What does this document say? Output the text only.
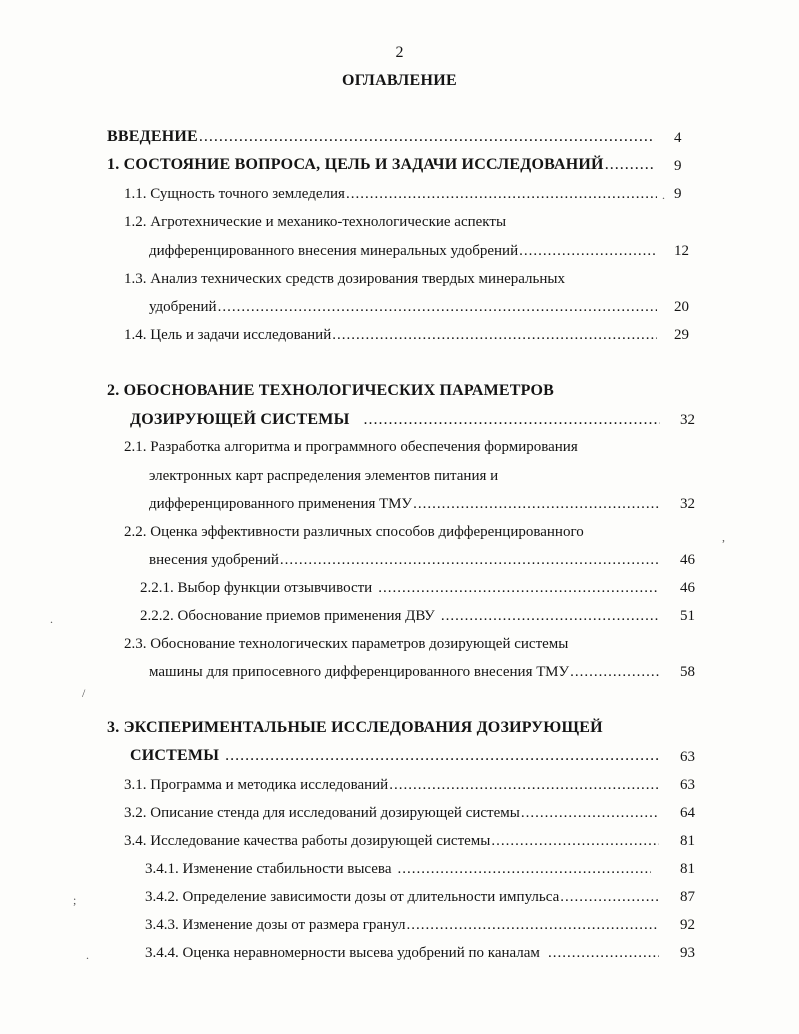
2
ОГЛАВЛЕНИЕ
ВВЕДЕНИЕ .....	4
1. СОСТОЯНИЕ ВОПРОСА, ЦЕЛЬ И ЗАДАЧИ ИССЛЕДОВАНИЙ .....	9
1.1. Сущность точного земледелия .....	9
1.2. Агротехнические и механико-технологические аспекты
дифференцированного внесения минеральных удобрений .....	12
1.3. Анализ технических средств дозирования твердых минеральных
удобрений .....	20
1.4. Цель и задачи исследований .....	29
2. ОБОСНОВАНИЕ ТЕХНОЛОГИЧЕСКИХ ПАРАМЕТРОВ
ДОЗИРУЮЩЕЙ СИСТЕМЫ .....	32
2.1. Разработка алгоритма и программного обеспечения формирования
электронных карт распределения элементов питания и
дифференцированного применения ТМУ .....	32
2.2. Оценка эффективности различных способов дифференцированного
внесения удобрений .....	46
2.2.1. Выбор функции отзывчивости .....	46
2.2.2. Обоснование приемов применения ДВУ .....	51
2.3. Обоснование технологических параметров дозирующей системы
машины для припосевного дифференцированного внесения ТМУ .....	58
3. ЭКСПЕРИМЕНТАЛЬНЫЕ ИССЛЕДОВАНИЯ ДОЗИРУЮЩЕЙ
СИСТЕМЫ .....	63
3.1. Программа и методика исследований .....	63
3.2. Описание стенда для исследований дозирующей системы .....	64
3.4. Исследование качества работы дозирующей системы .....	81
3.4.1. Изменение стабильности высева .....	81
3.4.2. Определение зависимости дозы от длительности импульса .....	87
3.4.3. Изменение дозы от размера гранул .....	92
3.4.4. Оценка неравномерности высева удобрений по каналам .....	93
,
.
/
;
.
.
